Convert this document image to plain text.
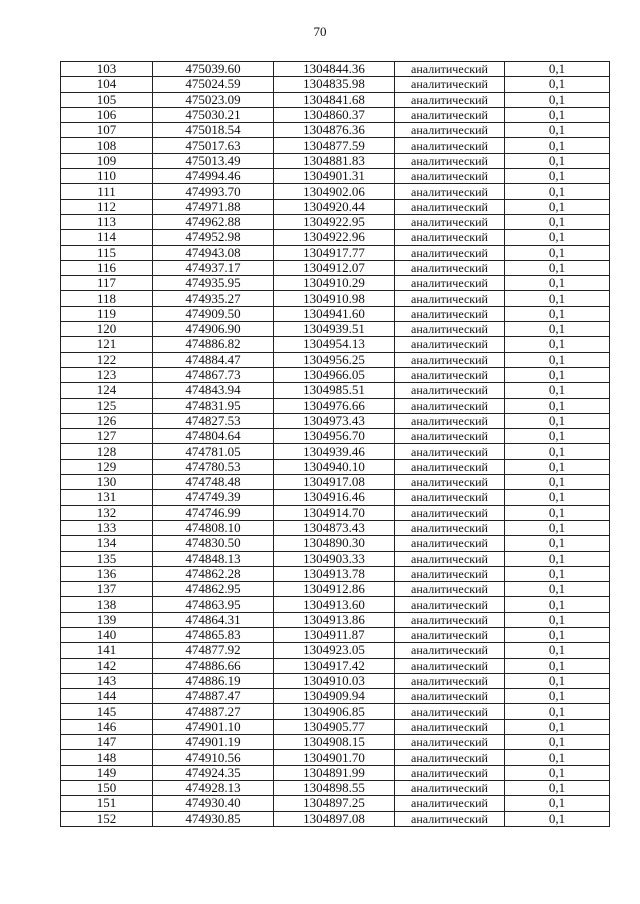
70
103	475039.60	1304844.36	аналитический	0,1
104	475024.59	1304835.98	аналитический	0,1
105	475023.09	1304841.68	аналитический	0,1
106	475030.21	1304860.37	аналитический	0,1
107	475018.54	1304876.36	аналитический	0,1
108	475017.63	1304877.59	аналитический	0,1
109	475013.49	1304881.83	аналитический	0,1
110	474994.46	1304901.31	аналитический	0,1
111	474993.70	1304902.06	аналитический	0,1
112	474971.88	1304920.44	аналитический	0,1
113	474962.88	1304922.95	аналитический	0,1
114	474952.98	1304922.96	аналитический	0,1
115	474943.08	1304917.77	аналитический	0,1
116	474937.17	1304912.07	аналитический	0,1
117	474935.95	1304910.29	аналитический	0,1
118	474935.27	1304910.98	аналитический	0,1
119	474909.50	1304941.60	аналитический	0,1
120	474906.90	1304939.51	аналитический	0,1
121	474886.82	1304954.13	аналитический	0,1
122	474884.47	1304956.25	аналитический	0,1
123	474867.73	1304966.05	аналитический	0,1
124	474843.94	1304985.51	аналитический	0,1
125	474831.95	1304976.66	аналитический	0,1
126	474827.53	1304973.43	аналитический	0,1
127	474804.64	1304956.70	аналитический	0,1
128	474781.05	1304939.46	аналитический	0,1
129	474780.53	1304940.10	аналитический	0,1
130	474748.48	1304917.08	аналитический	0,1
131	474749.39	1304916.46	аналитический	0,1
132	474746.99	1304914.70	аналитический	0,1
133	474808.10	1304873.43	аналитический	0,1
134	474830.50	1304890.30	аналитический	0,1
135	474848.13	1304903.33	аналитический	0,1
136	474862.28	1304913.78	аналитический	0,1
137	474862.95	1304912.86	аналитический	0,1
138	474863.95	1304913.60	аналитический	0,1
139	474864.31	1304913.86	аналитический	0,1
140	474865.83	1304911.87	аналитический	0,1
141	474877.92	1304923.05	аналитический	0,1
142	474886.66	1304917.42	аналитический	0,1
143	474886.19	1304910.03	аналитический	0,1
144	474887.47	1304909.94	аналитический	0,1
145	474887.27	1304906.85	аналитический	0,1
146	474901.10	1304905.77	аналитический	0,1
147	474901.19	1304908.15	аналитический	0,1
148	474910.56	1304901.70	аналитический	0,1
149	474924.35	1304891.99	аналитический	0,1
150	474928.13	1304898.55	аналитический	0,1
151	474930.40	1304897.25	аналитический	0,1
152	474930.85	1304897.08	аналитический	0,1
